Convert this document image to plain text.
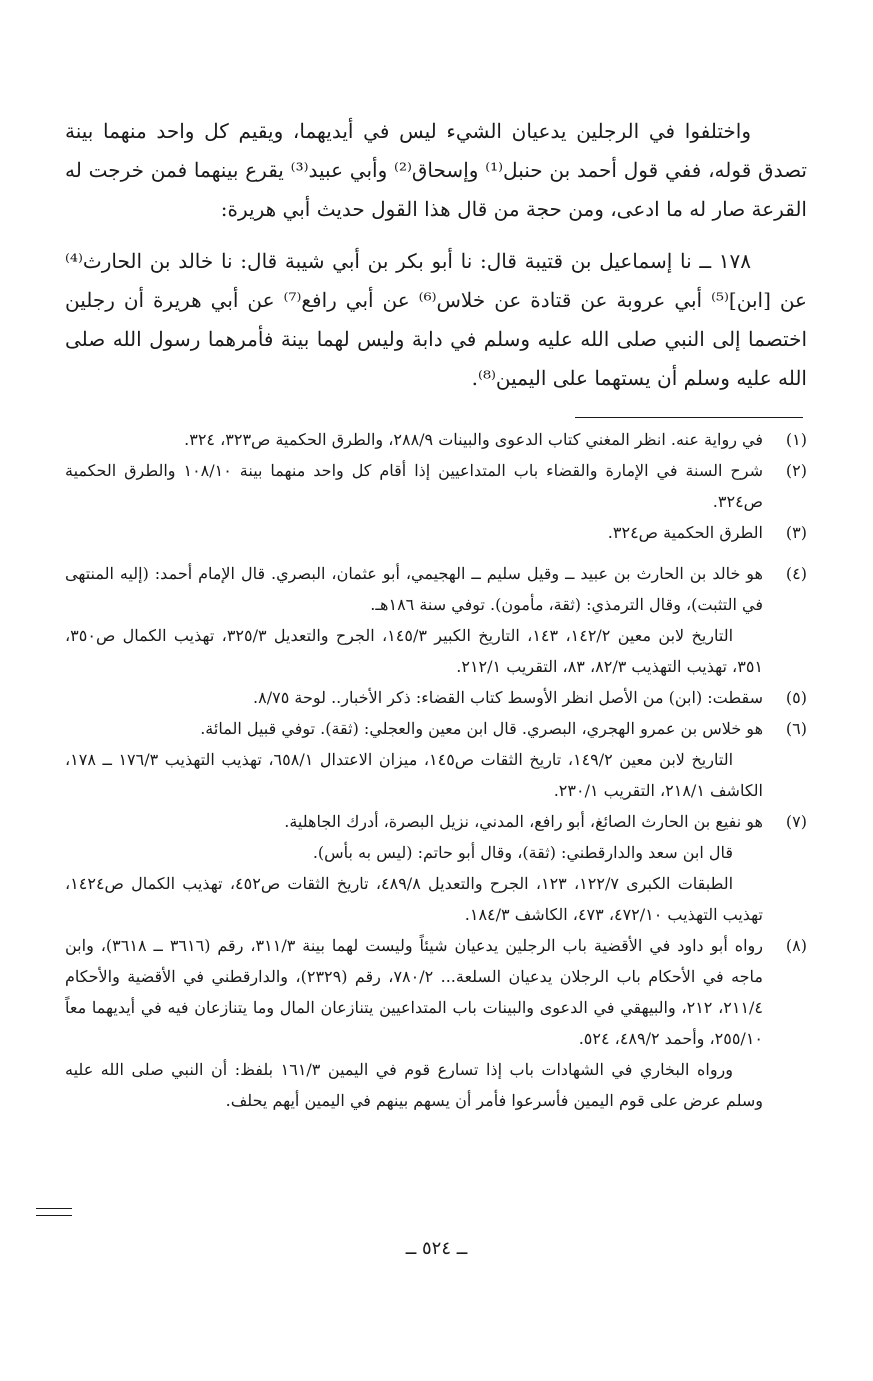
واختلفوا في الرجلين يدعيان الشيء ليس في أيديهما، ويقيم كل واحد منهما بينة تصدق قوله، ففي قول أحمد بن حنبل⁽¹⁾ وإسحاق⁽²⁾ وأبي عبيد⁽³⁾ يقرع بينهما فمن خرجت له القرعة صار له ما ادعى، ومن حجة من قال هذا القول حديث أبي هريرة:

١٧٨ ــ نا إسماعيل بن قتيبة قال: نا أبو بكر بن أبي شيبة قال: نا خالد بن الحارث⁽⁴⁾ عن [ابن]⁽⁵⁾ أبي عروبة عن قتادة عن خلاس⁽⁶⁾ عن أبي رافع⁽⁷⁾ عن أبي هريرة أن رجلين اختصما إلى النبي صلى الله عليه وسلم في دابة وليس لهما بينة فأمرهما رسول الله صلى الله عليه وسلم أن يستهما على اليمين⁽⁸⁾.

(١)

في رواية عنه. انظر المغني كتاب الدعوى والبينات ٢٨٨/٩، والطرق الحكمية ص٣٢٣، ٣٢٤.

(٢)

شرح السنة في الإمارة والقضاء باب المتداعيين إذا أقام كل واحد منهما بينة ١٠٨/١٠ والطرق الحكمية ص٣٢٤.

(٣)

الطرق الحكمية ص٣٢٤.

(٤)

هو خالد بن الحارث بن عبيد ــ وقيل سليم ــ الهجيمي، أبو عثمان، البصري. قال الإمام أحمد: (إليه المنتهى في التثبت)، وقال الترمذي: (ثقة، مأمون). توفي سنة ١٨٦هـ.

التاريخ لابن معين ١٤٢/٢، ١٤٣، التاريخ الكبير ١٤٥/٣، الجرح والتعديل ٣٢٥/٣، تهذيب الكمال ص٣٥٠، ٣٥١، تهذيب التهذيب ٨٢/٣، ٨٣، التقريب ٢١٢/١.

(٥)

سقطت: (ابن) من الأصل انظر الأوسط كتاب القضاء: ذكر الأخبار.. لوحة ٨/٧٥.

(٦)

هو خلاس بن عمرو الهجري، البصري. قال ابن معين والعجلي: (ثقة). توفي قبيل المائة.

التاريخ لابن معين ١٤٩/٢، تاريخ الثقات ص١٤٥، ميزان الاعتدال ٦٥٨/١، تهذيب التهذيب ١٧٦/٣ ــ ١٧٨، الكاشف ٢١٨/١، التقريب ٢٣٠/١.

(٧)

هو نفيع بن الحارث الصائغ، أبو رافع، المدني، نزيل البصرة، أدرك الجاهلية.

قال ابن سعد والدارقطني: (ثقة)، وقال أبو حاتم: (ليس به بأس).

الطبقات الكبرى ١٢٢/٧، ١٢٣، الجرح والتعديل ٤٨٩/٨، تاريخ الثقات ص٤٥٢، تهذيب الكمال ص١٤٢٤، تهذيب التهذيب ٤٧٢/١٠، ٤٧٣، الكاشف ١٨٤/٣.

(٨)

رواه أبو داود في الأقضية باب الرجلين يدعيان شيئاً وليست لهما بينة ٣١١/٣، رقم (٣٦١٦ ــ ٣٦١٨)، وابن ماجه في الأحكام باب الرجلان يدعيان السلعة... ٧٨٠/٢، رقم (٢٣٢٩)، والدارقطني في الأقضية والأحكام ٢١١/٤، ٢١٢، والبيهقي في الدعوى والبينات باب المتداعيين يتنازعان المال وما يتنازعان فيه في أيديهما معاً ٢٥٥/١٠، وأحمد ٤٨٩/٢، ٥٢٤.

ورواه البخاري في الشهادات باب إذا تسارع قوم في اليمين ١٦١/٣ بلفظ: أن النبي صلى الله عليه وسلم عرض على قوم اليمين فأسرعوا فأمر أن يسهم بينهم في اليمين أيهم يحلف.

ــ ٥٢٤ ــ
